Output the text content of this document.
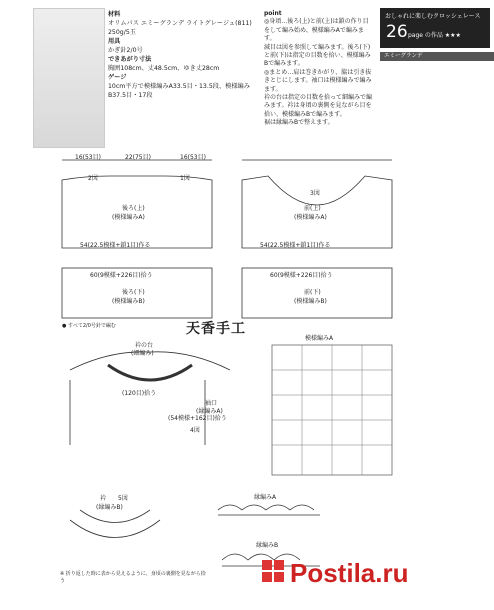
材料
オリムパス エミーグランデ ライトグレージュ(811) 250g/5玉
用具
かぎ針2/0号
できあがり寸法
胸囲108cm、丈48.5cm、ゆき丈28cm
ゲージ
10cm平方で模様編みA33.5目・13.5段、模様編みB37.5目・17段
point
◎身頃…後ろ(上)と前(上)は鎖の作り目をして編み始め、模様編みAで編みます。
減目は図を参照して編みます。後ろ(下)と前(下)は指定の目数を拾い、模様編みBで編みます。
◎まとめ…肩は巻きかがり、脇は引き抜きとじにします。袖口は模様編みで編みます。
衿の台は指定の目数を拾って細編みで編みます。衿は身頃の裏側を見ながら目を拾い、模様編みBで編みます。
裾は縁編みBで整えます。
おしゃれに楽しむクロッシェレース
26 page の作品 ★★★
エミーグランデ
Postila.ru
2図	1図
3図
16(53目)	22(75目)	16(53目)
後ろ(上)
(模様編みA)
前(上)
(模様編みA)
54(22.5模様+鎖1目)作る	54(22.5模様+鎖1目)作る
60(9模様+226目)拾う	60(9模様+226目)拾う
後ろ(下)
(模様編みB)
前(下)
(模様編みB)
● すべて2/0号針で編む	天香手工
衿の台
(細編み)
(120目)拾う
袖口
(縁編みA)
(54模様+162目)拾う
4図
模様編みA
衿 5図
(縁編みB)
縁編みA
縁編みB
※ 折り返した時に表から見えるように、身頃の裏側を見ながら拾う
